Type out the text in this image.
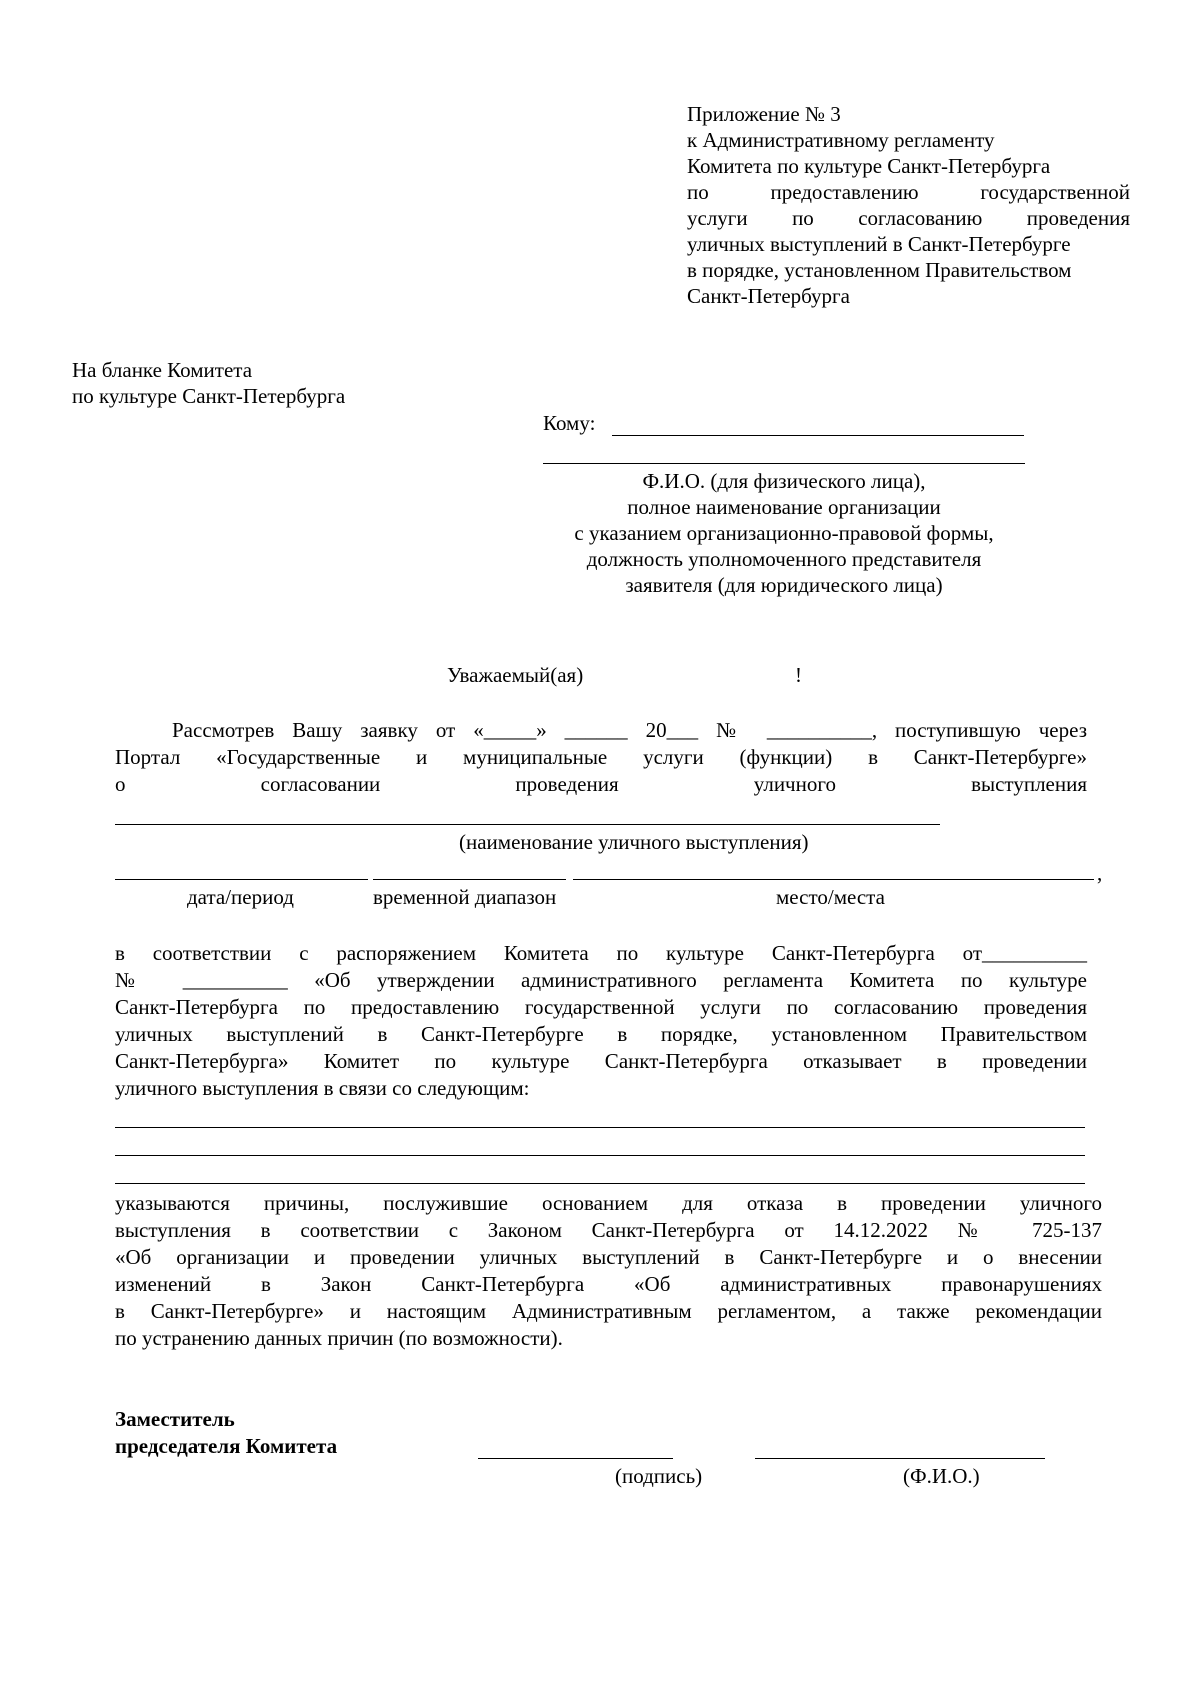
Приложение № 3
к Административному регламенту
Комитета по культуре Санкт-Петербурга
по предоставлению государственной
услуги по согласованию проведения
уличных выступлений в Санкт-Петербурге
в порядке, установленном Правительством
Санкт-Петербурга
На бланке Комитета
по культуре Санкт-Петербурга
Кому:
Ф.И.О. (для физического лица),
полное наименование организации
с указанием организационно-правовой формы,
должность уполномоченного представителя
заявителя (для юридического лица)
Уважаемый(ая)	!
Рассмотрев Вашу заявку от «_____» ______ 20___ № __________, поступившую через
Портал «Государственные и муниципальные услуги (функции) в Санкт-Петербурге»
о согласовании проведения уличного выступления
(наименование уличного выступления)
,
дата/период	временной диапазон	место/места
в соответствии с распоряжением Комитета по культуре Санкт-Петербурга от__________
№ __________ «Об утверждении административного регламента Комитета по культуре
Санкт-Петербурга по предоставлению государственной услуги по согласованию проведения
уличных выступлений в Санкт-Петербурге в порядке, установленном Правительством
Санкт-Петербурга» Комитет по культуре Санкт-Петербурга отказывает в проведении
уличного выступления в связи со следующим:
указываются причины, послужившие основанием для отказа в проведении уличного
выступления в соответствии с Законом Санкт-Петербурга от 14.12.2022 № 725-137
«Об организации и проведении уличных выступлений в Санкт-Петербурге и о внесении
изменений в Закон Санкт-Петербурга «Об административных правонарушениях
в Санкт-Петербурге» и настоящим Административным регламентом, а также рекомендации
по устранению данных причин (по возможности).
Заместитель
председателя Комитета
(подпись)	(Ф.И.О.)
